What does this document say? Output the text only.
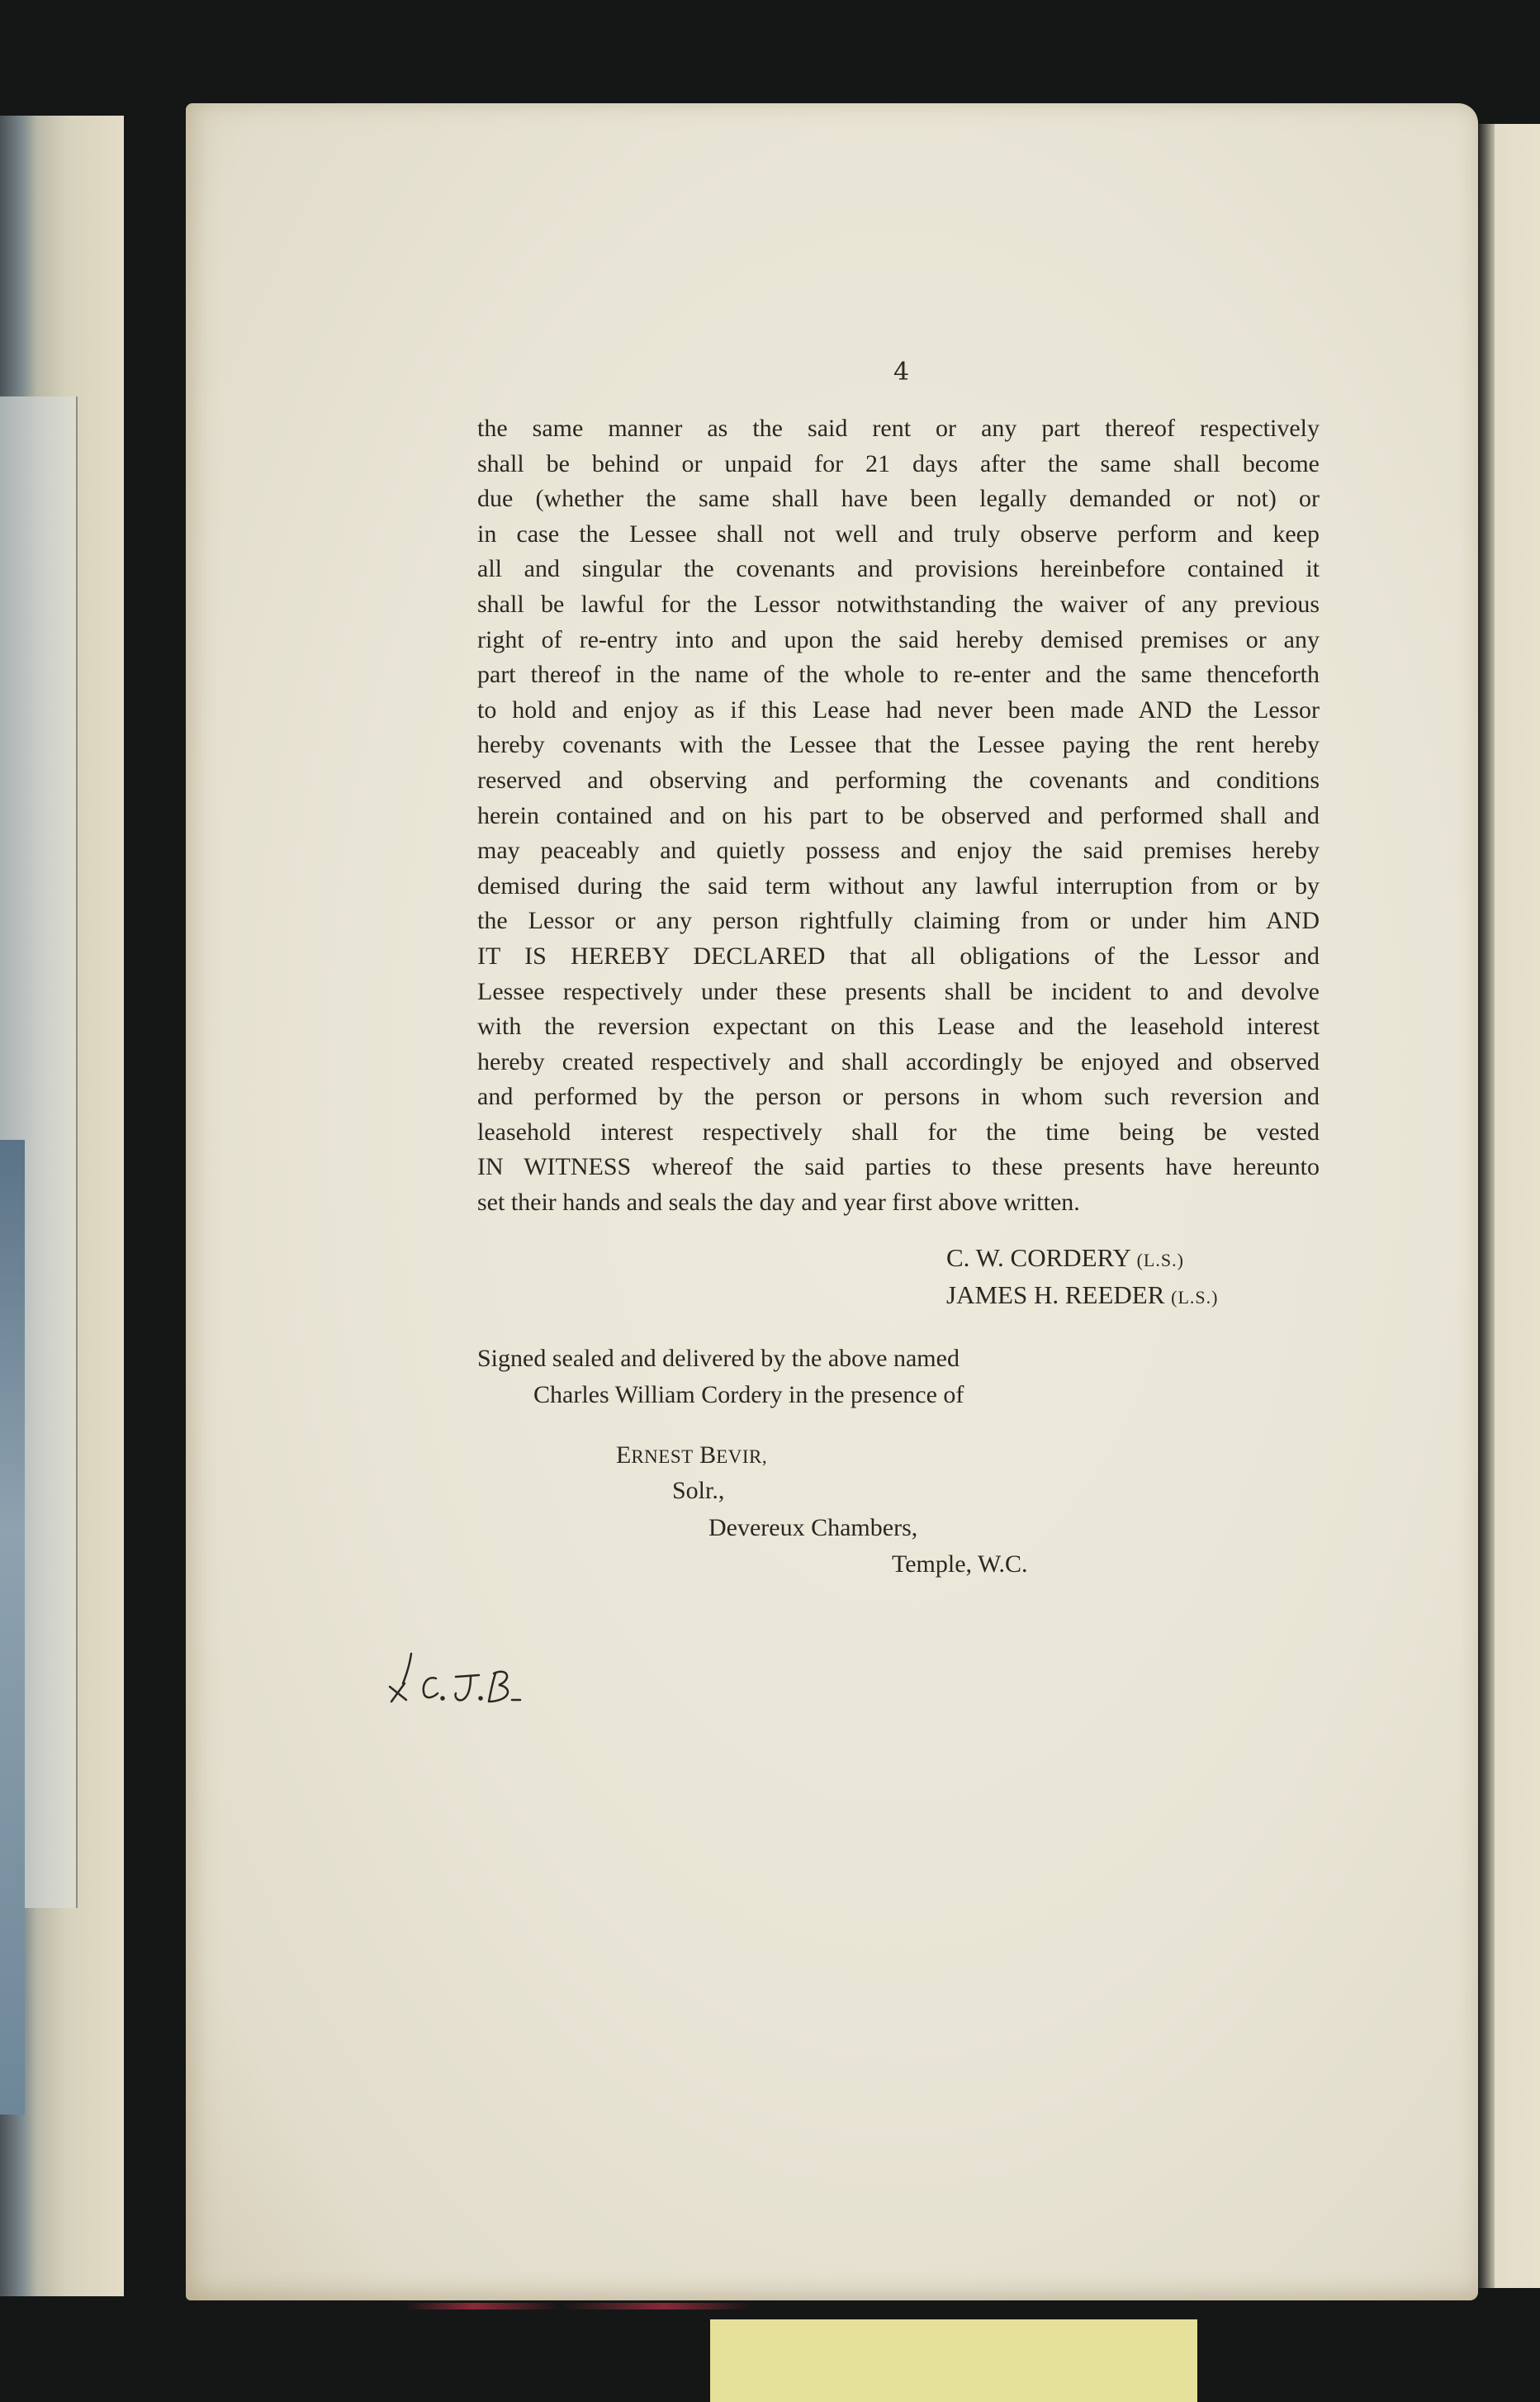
4
the same manner as the said rent or any part thereof respectively
shall be behind or unpaid for 21 days after the same shall become
due (whether the same shall have been legally demanded or not) or
in case the Lessee shall not well and truly observe perform and keep
all and singular the covenants and provisions hereinbefore contained it
shall be lawful for the Lessor notwithstanding the waiver of any previous
right of re-entry into and upon the said hereby demised premises or any
part thereof in the name of the whole to re-enter and the same thenceforth
to hold and enjoy as if this Lease had never been made AND the Lessor
hereby covenants with the Lessee that the Lessee paying the rent hereby
reserved and observing and performing the covenants and conditions
herein contained and on his part to be observed and performed shall and
may peaceably and quietly possess and enjoy the said premises hereby
demised during the said term without any lawful interruption from or by
the Lessor or any person rightfully claiming from or under him AND
IT IS HEREBY DECLARED that all obligations of the Lessor and
Lessee respectively under these presents shall be incident to and devolve
with the reversion expectant on this Lease and the leasehold interest
hereby created respectively and shall accordingly be enjoyed and observed
and performed by the person or persons in whom such reversion and
leasehold interest respectively shall for the time being be vested
IN WITNESS whereof the said parties to these presents have hereunto
set their hands and seals the day and year first above written.
C. W. CORDERY (L.S.)
JAMES H. REEDER (L.S.)
Signed sealed and delivered by the above named
Charles William Cordery in the presence of
ERNEST BEVIR,
Solr.,
Devereux Chambers,
Temple, W.C.
